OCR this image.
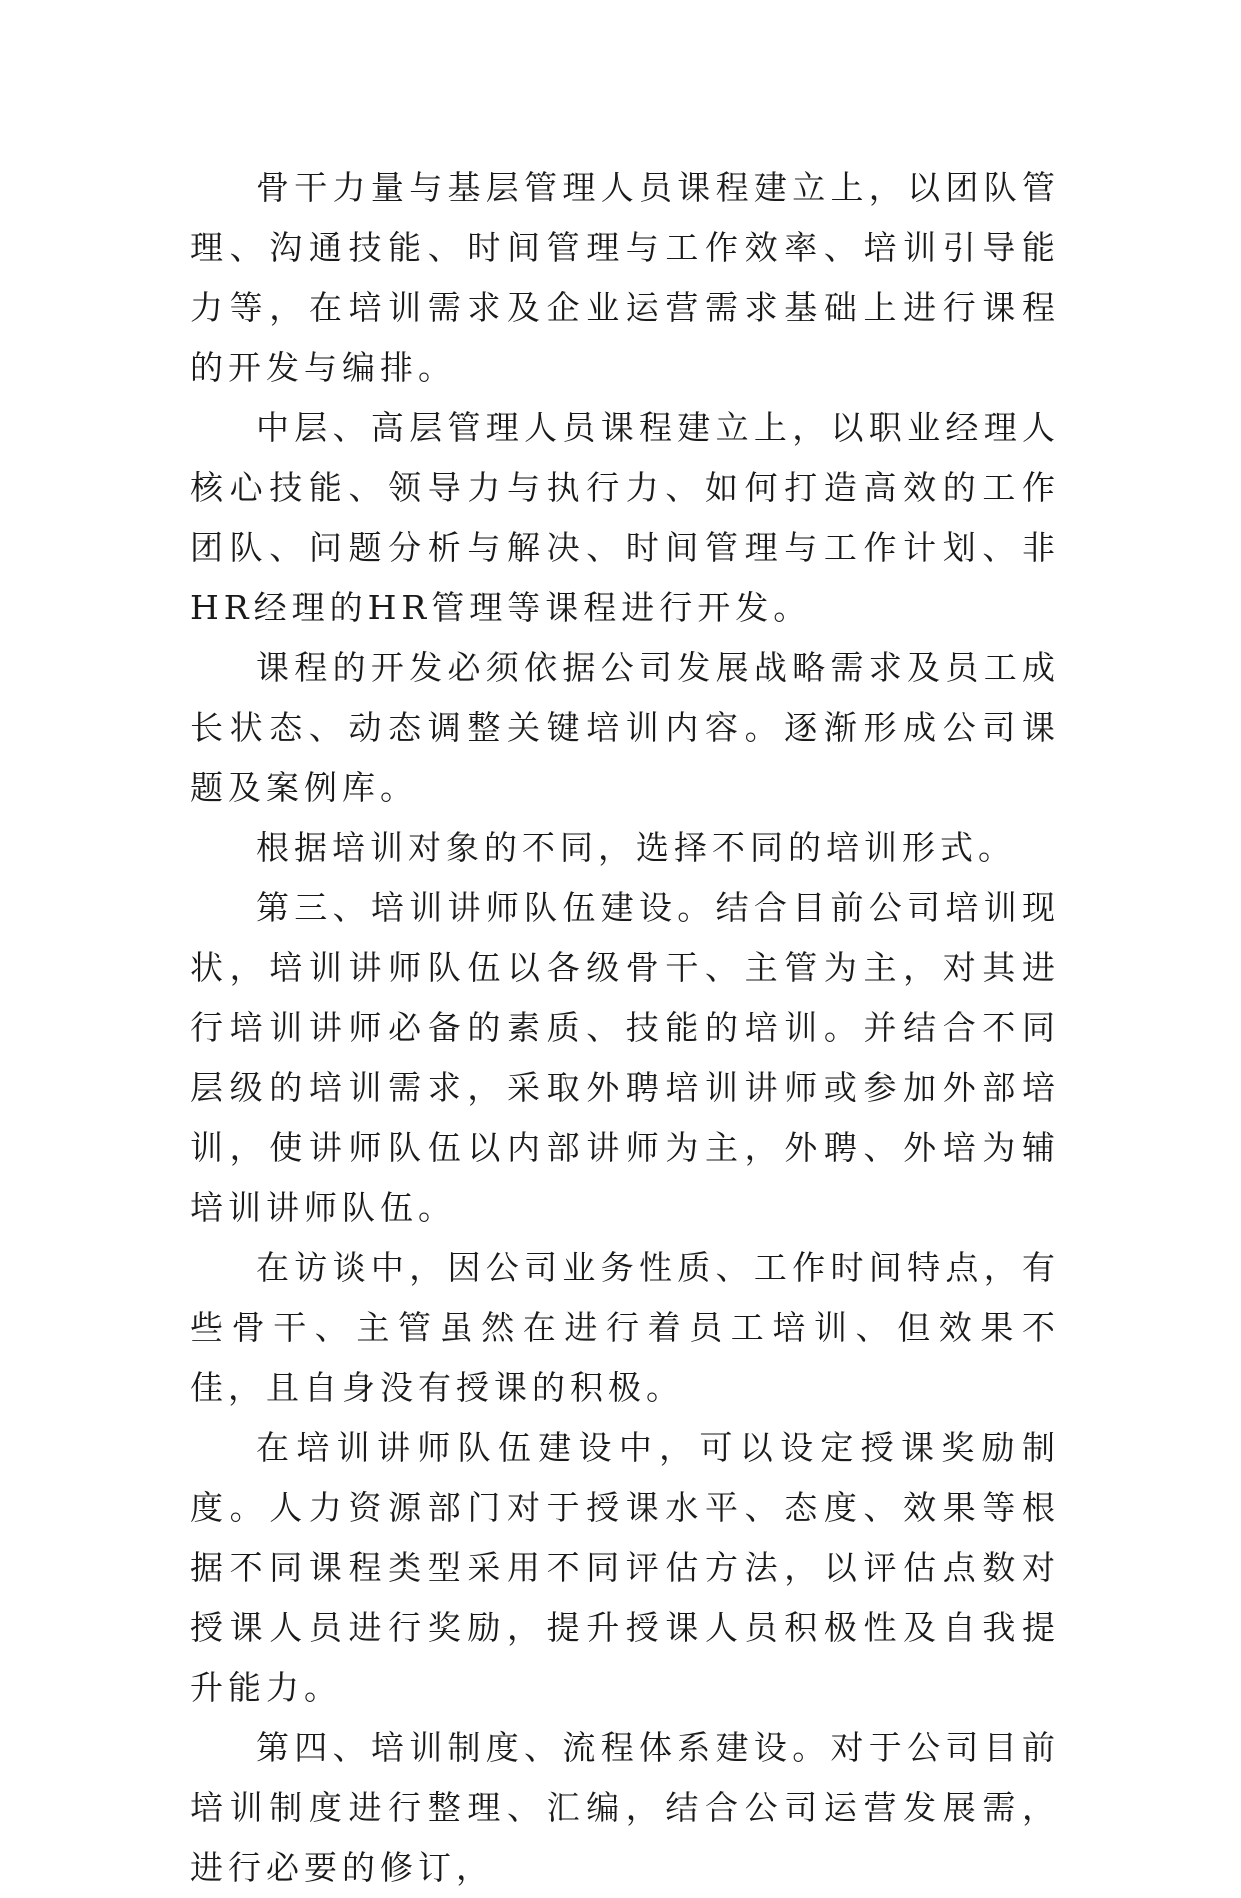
骨干力量与基层管理人员课程建立上，以团队管理、沟通技能、时间管理与工作效率、培训引导能力等，在培训需求及企业运营需求基础上进行课程的开发与编排。

中层、高层管理人员课程建立上，以职业经理人核心技能、领导力与执行力、如何打造高效的工作团队、问题分析与解决、时间管理与工作计划、非HR经理的HR管理等课程进行开发。

课程的开发必须依据公司发展战略需求及员工成长状态、动态调整关键培训内容。逐渐形成公司课题及案例库。

根据培训对象的不同，选择不同的培训形式。

第三、培训讲师队伍建设。结合目前公司培训现状，培训讲师队伍以各级骨干、主管为主，对其进行培训讲师必备的素质、技能的培训。并结合不同层级的培训需求，采取外聘培训讲师或参加外部培训，使讲师队伍以内部讲师为主，外聘、外培为辅培训讲师队伍。

在访谈中，因公司业务性质、工作时间特点，有些骨干、主管虽然在进行着员工培训、但效果不佳，且自身没有授课的积极。

在培训讲师队伍建设中，可以设定授课奖励制度。人力资源部门对于授课水平、态度、效果等根据不同课程类型采用不同评估方法，以评估点数对授课人员进行奖励，提升授课人员积极性及自我提升能力。

第四、培训制度、流程体系建设。对于公司目前培训制度进行整理、汇编，结合公司运营发展需，进行必要的修订，
